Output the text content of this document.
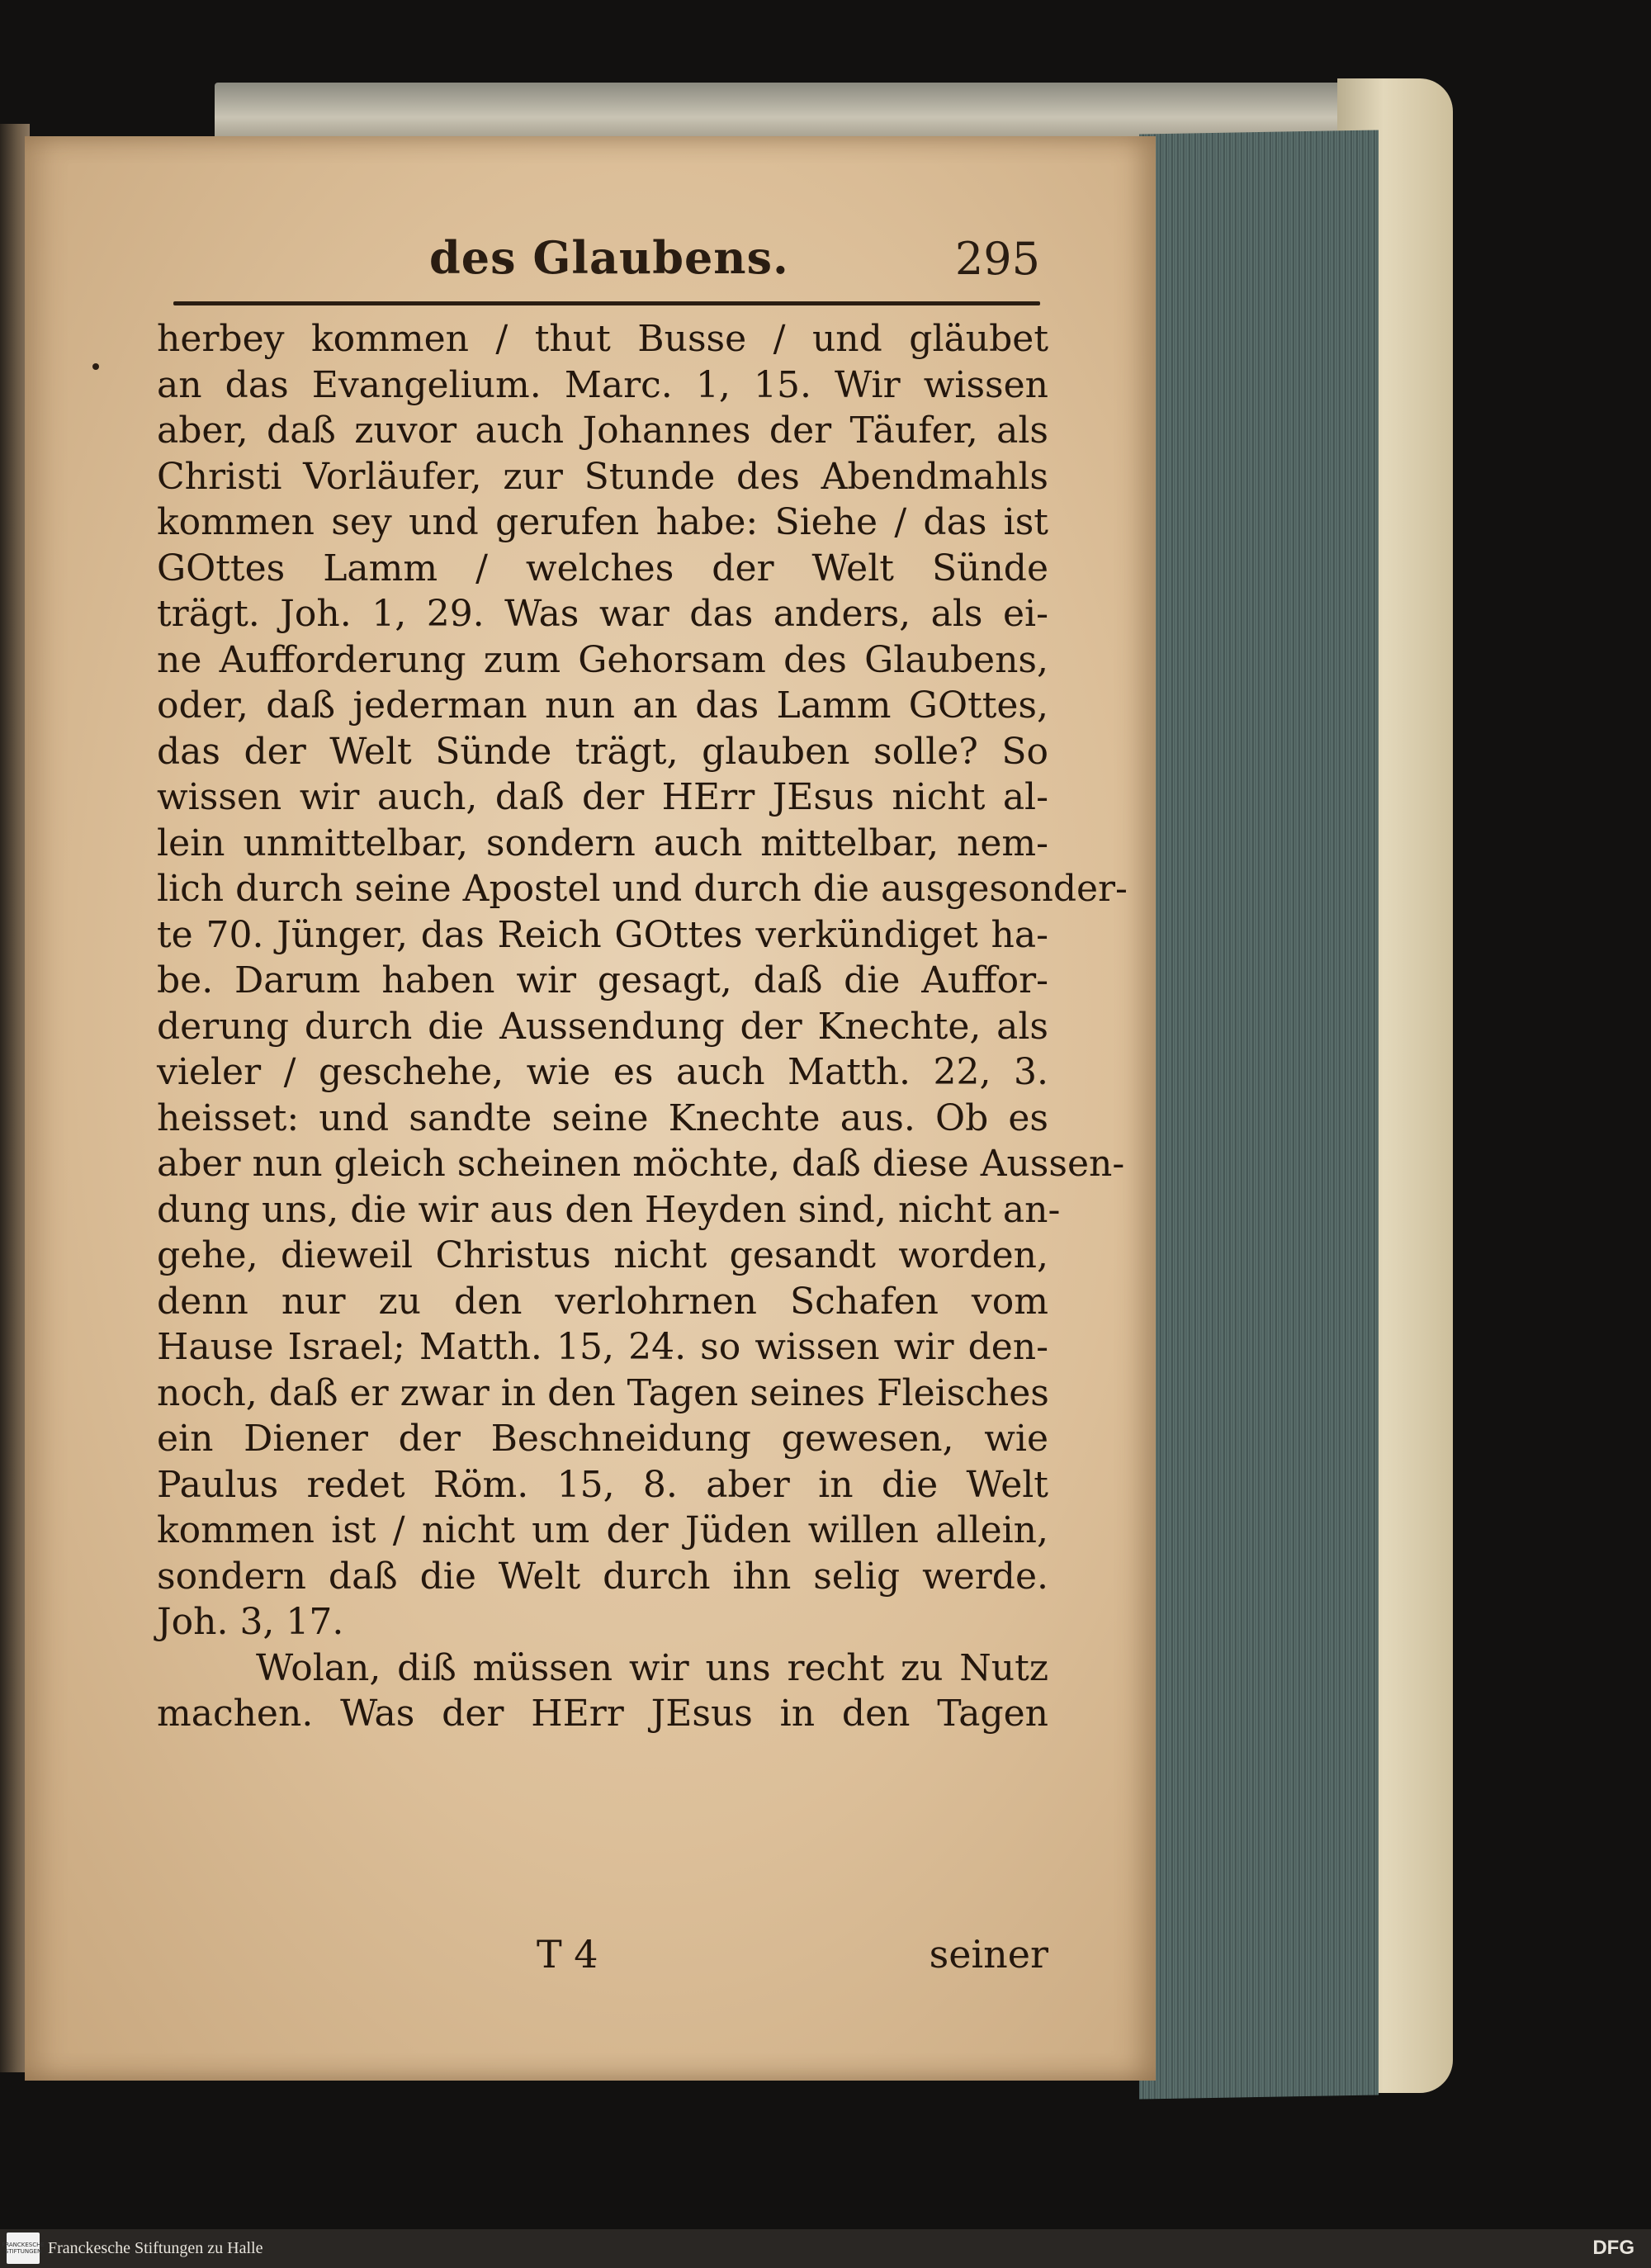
des Glaubens.	295
herbey kommen / thut Busse / und gläubet
an das Evangelium. Marc. 1, 15. Wir wissen
aber, daß zuvor auch Johannes der Täufer, als
Christi Vorläufer, zur Stunde des Abendmahls
kommen sey und gerufen habe: Siehe / das ist
GOttes Lamm / welches der Welt Sünde
trägt. Joh. 1, 29. Was war das anders, als ei-
ne Aufforderung zum Gehorsam des Glaubens,
oder, daß jederman nun an das Lamm GOttes,
das der Welt Sünde trägt, glauben solle? So
wissen wir auch, daß der HErr JEsus nicht al-
lein unmittelbar, sondern auch mittelbar, nem-
lich durch seine Apostel und durch die ausgesonder-
te 70. Jünger, das Reich GOttes verkündiget ha-
be. Darum haben wir gesagt, daß die Auffor-
derung durch die Aussendung der Knechte, als
vieler / geschehe, wie es auch Matth. 22, 3.
heisset: und sandte seine Knechte aus. Ob es
aber nun gleich scheinen möchte, daß diese Aussen-
dung uns, die wir aus den Heyden sind, nicht an-
gehe, dieweil Christus nicht gesandt worden,
denn nur zu den verlohrnen Schafen vom
Hause Israel; Matth. 15, 24. so wissen wir den-
noch, daß er zwar in den Tagen seines Fleisches
ein Diener der Beschneidung gewesen, wie
Paulus redet Röm. 15, 8. aber in die Welt
kommen ist / nicht um der Jüden willen allein,
sondern daß die Welt durch ihn selig werde.
Joh. 3, 17.
Wolan, diß müssen wir uns recht zu Nutz
machen. Was der HErr JEsus in den Tagen
T 4	seiner
FRANCKESCHE STIFTUNGEN Franckesche Stiftungen zu Halle	DFG
